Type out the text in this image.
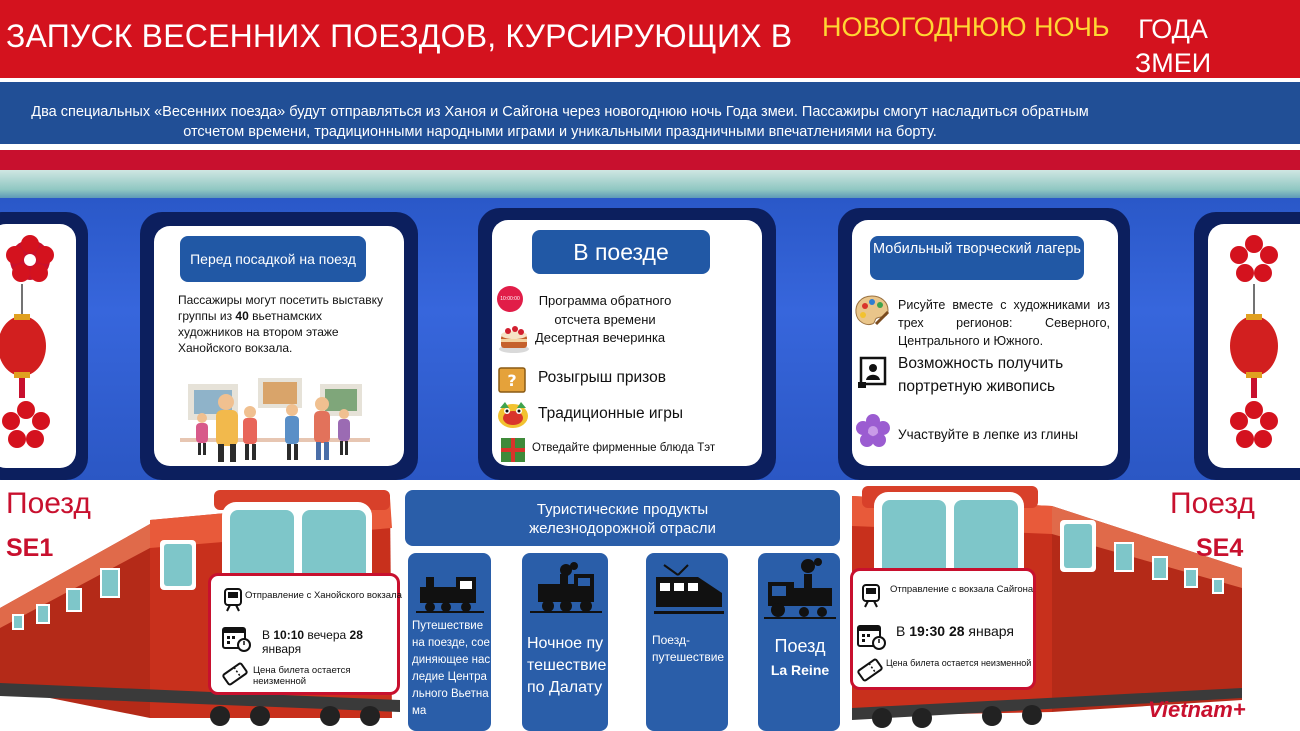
ЗАПУСК ВЕСЕННИХ ПОЕЗДОВ, КУРСИРУЮЩИХ В НОВОГОДНЮЮ НОЧЬ	ГОДА ЗМЕИ
Два специальных «Весенних поезда» будут отправляться из Ханоя и Сайгона через новогоднюю ночь Года змеи. Пассажиры смогут насладиться обратным отсчетом времени, традиционными народными играми и уникальными праздничными впечатлениями на борту.
Перед посадкой на поезд
Пассажиры могут посетить выставку группы из 40 вьетнамских художников на втором этаже Ханойского вокзала.
В поезде
10:00:00	Программа обратного отсчета времени
Десертная вечеринка
? Розыгрыш призов
Традиционные игры
Отведайте фирменные блюда Тэт
Мобильный творческий лагерь
Рисуйте вместе с художниками из трех регионов: Северного, Центрального и Южного.
Возможность получить портретную живопись
Участвуйте в лепке из глины
Поезд
SE1
Отправление с Ханойского вокзала
В 10:10 вечера 28 января
Цена билета остается неизменной
Поезд
SE4
Отправление с вокзала Сайгона
В 19:30 28 января
Цена билета остается неизменной
Туристические продукты железнодорожной отрасли
Путешествие на поезде, соединяющее наследие Центрального Вьетнама
Ночное путешествие по Далату
Поезд-путешествие
Поезд
La Reine
Vietnam+
